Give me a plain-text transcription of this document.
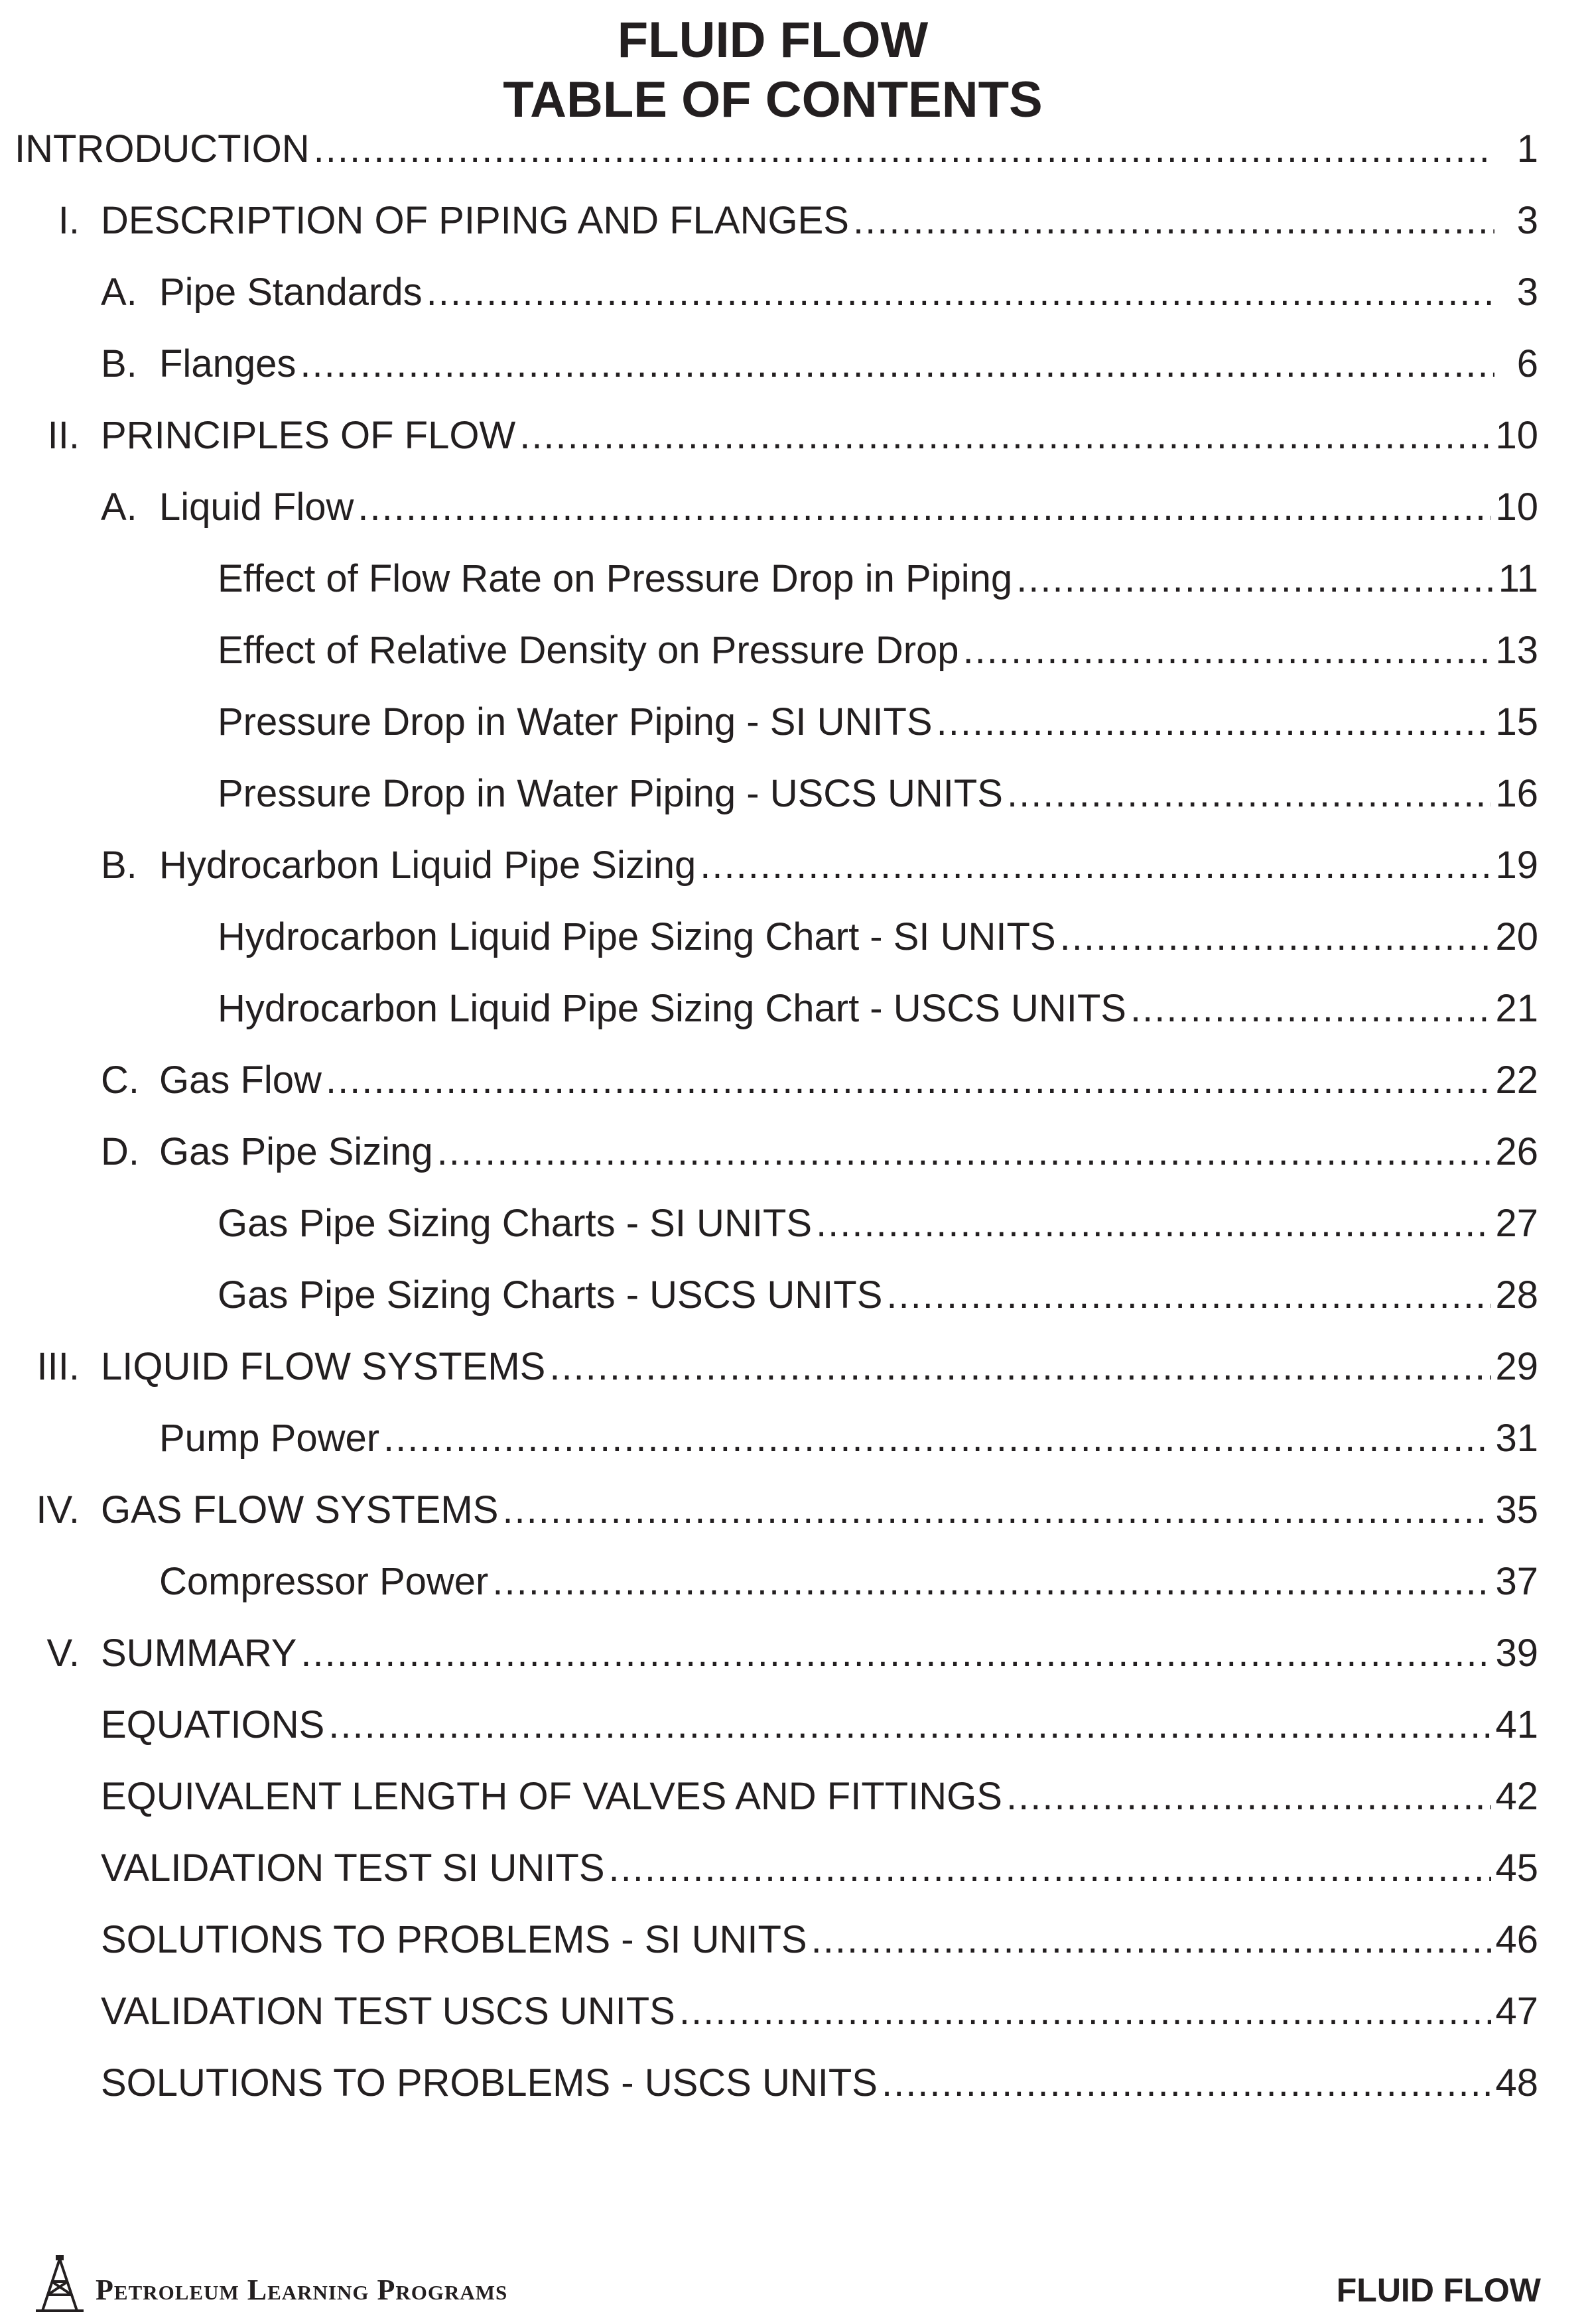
FLUID FLOW
TABLE OF CONTENTS
INTRODUCTION .....	1
I. DESCRIPTION OF PIPING AND FLANGES .....	3
A. Pipe Standards .....	3
B. Flanges .....	6
II. PRINCIPLES OF FLOW .....	10
A. Liquid Flow .....	10
Effect of Flow Rate on Pressure Drop in Piping .....	11
Effect of Relative Density on Pressure Drop .....	13
Pressure Drop in Water Piping - SI UNITS .....	15
Pressure Drop in Water Piping - USCS UNITS .....	16
B. Hydrocarbon Liquid Pipe Sizing .....	19
Hydrocarbon Liquid Pipe Sizing Chart - SI UNITS .....	20
Hydrocarbon Liquid Pipe Sizing Chart - USCS UNITS .....	21
C. Gas Flow .....	22
D. Gas Pipe Sizing .....	26
Gas Pipe Sizing Charts - SI UNITS .....	27
Gas Pipe Sizing Charts - USCS UNITS .....	28
III. LIQUID FLOW SYSTEMS .....	29
Pump Power .....	31
IV. GAS FLOW SYSTEMS .....	35
Compressor Power .....	37
V. SUMMARY .....	39
EQUATIONS .....	41
EQUIVALENT LENGTH OF VALVES AND FITTINGS .....	42
VALIDATION TEST SI UNITS .....	45
SOLUTIONS TO PROBLEMS - SI UNITS .....	46
VALIDATION TEST USCS UNITS .....	47
SOLUTIONS TO PROBLEMS - USCS UNITS .....	48
Petroleum Learning Programs	FLUID FLOW
